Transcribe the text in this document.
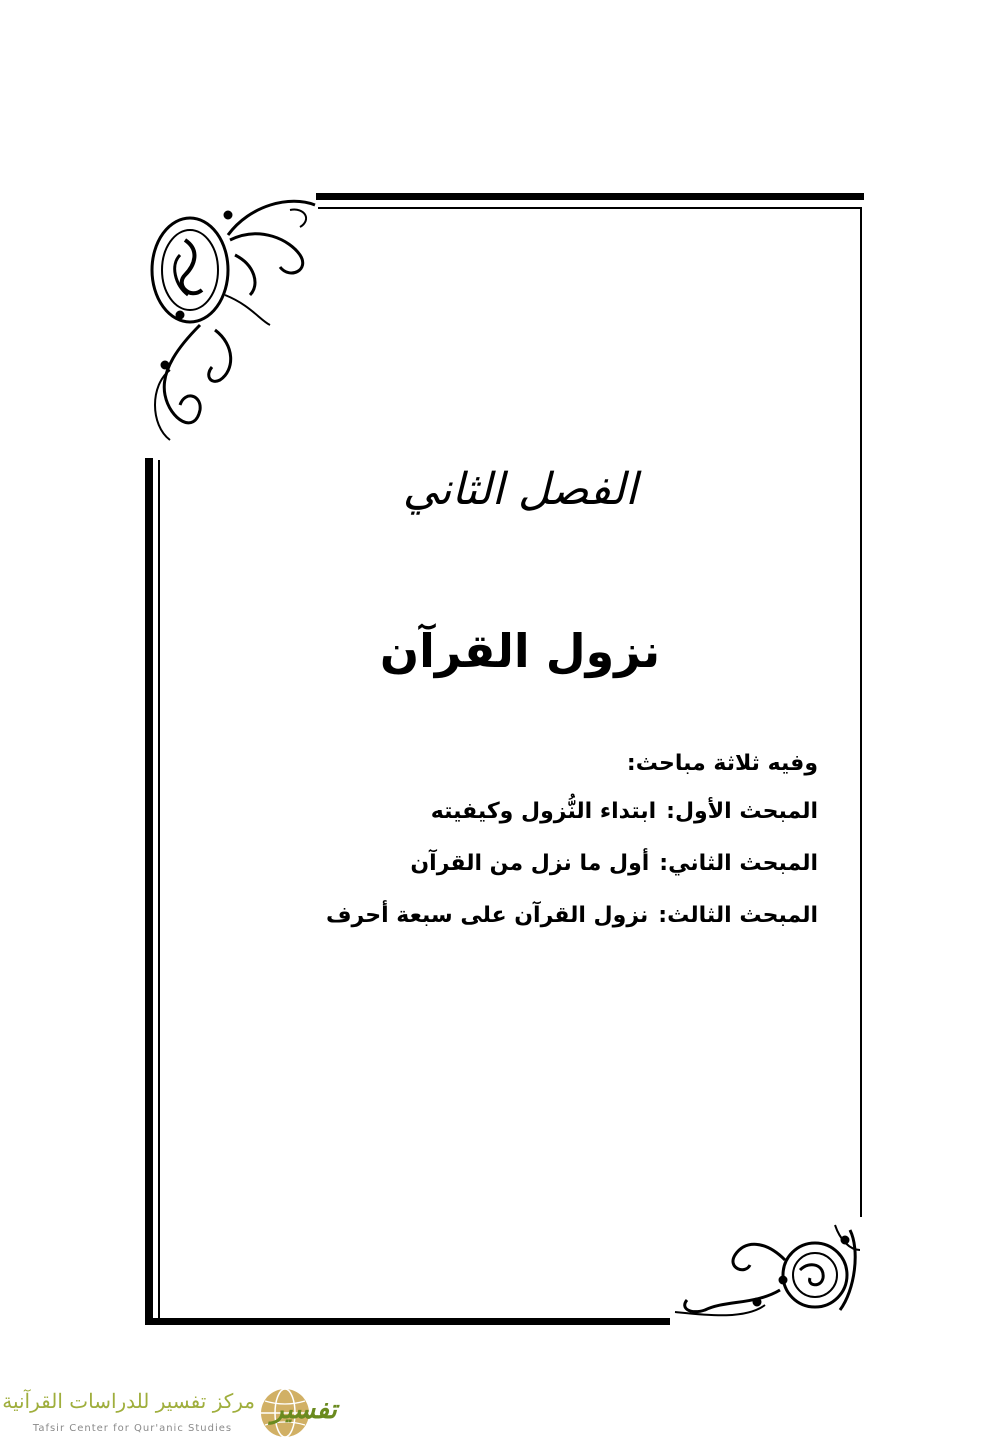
الفصل الثاني
نزول القرآن

وفيه ثلاثة مباحث:

المبحث الأول:ابتداء النُّزول وكيفيته

المبحث الثاني:أول ما نزل من القرآن

المبحث الثالث:نزول القرآن على سبعة أحرف

مركز تفسير للدراسات القرآنية
Tafsir Center for Qur'anic Studies
تفسير
